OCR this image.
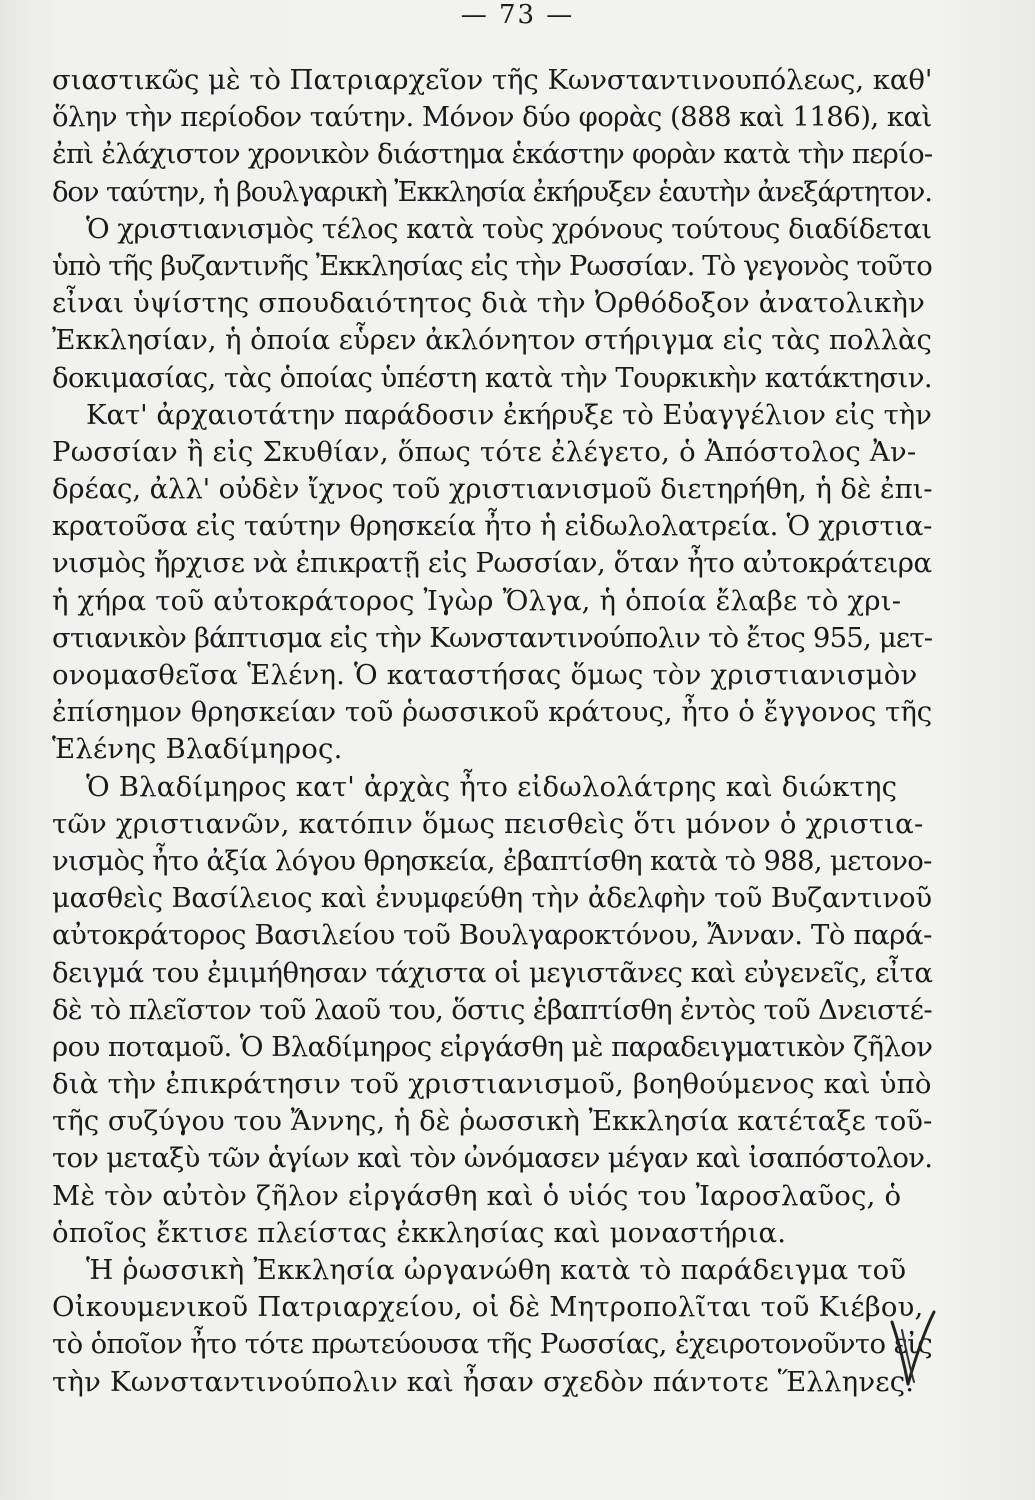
— 73 —
σιαστικῶς μὲ τὸ Πατριαρχεῖον τῆς Κωνσταντινουπόλεως, καθ'
ὅλην τὴν περίοδον ταύτην. Μόνον δύο φορὰς (888 καὶ 1186), καὶ
ἐπὶ ἐλάχιστον χρονικὸν διάστημα ἑκάστην φορὰν κατὰ τὴν περίο-
δον ταύτην, ἡ βουλγαρικὴ Ἐκκλησία ἐκήρυξεν ἑαυτὴν ἀνεξάρτητον.
Ὁ χριστιανισμὸς τέλος κατὰ τοὺς χρόνους τούτους διαδίδεται
ὑπὸ τῆς βυζαντινῆς Ἐκκλησίας εἰς τὴν Ρωσσίαν. Τὸ γεγονὸς τοῦτο
εἶναι ὑψίστης σπουδαιότητος διὰ τὴν Ὀρθόδοξον ἀνατολικὴν
Ἐκκλησίαν, ἡ ὁποία εὗρεν ἀκλόνητον στήριγμα εἰς τὰς πολλὰς
δοκιμασίας, τὰς ὁποίας ὑπέστη κατὰ τὴν Τουρκικὴν κατάκτησιν.
Κατ' ἀρχαιοτάτην παράδοσιν ἐκήρυξε τὸ Εὐαγγέλιον εἰς τὴν
Ρωσσίαν ἢ εἰς Σκυθίαν, ὅπως τότε ἐλέγετο, ὁ Ἀπόστολος Ἀν-
δρέας, ἀλλ' οὐδὲν ἴχνος τοῦ χριστιανισμοῦ διετηρήθη, ἡ δὲ ἐπι-
κρατοῦσα εἰς ταύτην θρησκεία ἦτο ἡ εἰδωλολατρεία. Ὁ χριστια-
νισμὸς ἤρχισε νὰ ἐπικρατῇ εἰς Ρωσσίαν, ὅταν ἦτο αὐτοκράτειρα
ἡ χήρα τοῦ αὐτοκράτορος Ἰγὼρ Ὄλγα, ἡ ὁποία ἔλαβε τὸ χρι-
στιανικὸν βάπτισμα εἰς τὴν Κωνσταντινούπολιν τὸ ἔτος 955, μετ-
ονομασθεῖσα Ἑλένη. Ὁ καταστήσας ὅμως τὸν χριστιανισμὸν
ἐπίσημον θρησκείαν τοῦ ῥωσσικοῦ κράτους, ἦτο ὁ ἔγγονος τῆς
Ἑλένης Βλαδίμηρος.
Ὁ Βλαδίμηρος κατ' ἀρχὰς ἦτο εἰδωλολάτρης καὶ διώκτης
τῶν χριστιανῶν, κατόπιν ὅμως πεισθεὶς ὅτι μόνον ὁ χριστια-
νισμὸς ἦτο ἀξία λόγου θρησκεία, ἐβαπτίσθη κατὰ τὸ 988, μετονο-
μασθεὶς Βασίλειος καὶ ἐνυμφεύθη τὴν ἀδελφὴν τοῦ Βυζαντινοῦ
αὐτοκράτορος Βασιλείου τοῦ Βουλγαροκτόνου, Ἄνναν. Τὸ παρά-
δειγμά του ἐμιμήθησαν τάχιστα οἱ μεγιστᾶνες καὶ εὐγενεῖς, εἶτα
δὲ τὸ πλεῖστον τοῦ λαοῦ του, ὅστις ἐβαπτίσθη ἐντὸς τοῦ Δνειστέ-
ρου ποταμοῦ. Ὁ Βλαδίμηρος εἰργάσθη μὲ παραδειγματικὸν ζῆλον
διὰ τὴν ἐπικράτησιν τοῦ χριστιανισμοῦ, βοηθούμενος καὶ ὑπὸ
τῆς συζύγου του Ἄννης, ἡ δὲ ῥωσσικὴ Ἐκκλησία κατέταξε τοῦ-
τον μεταξὺ τῶν ἁγίων καὶ τὸν ὠνόμασεν μέγαν καὶ ἰσαπόστολον.
Μὲ τὸν αὐτὸν ζῆλον εἰργάσθη καὶ ὁ υἱός του Ἰαροσλαῦος, ὁ
ὁποῖος ἔκτισε πλείστας ἐκκλησίας καὶ μοναστήρια.
Ἡ ῥωσσικὴ Ἐκκλησία ὠργανώθη κατὰ τὸ παράδειγμα τοῦ
Οἰκουμενικοῦ Πατριαρχείου, οἱ δὲ Μητροπολῖται τοῦ Κιέβου,
τὸ ὁποῖον ἦτο τότε πρωτεύουσα τῆς Ρωσσίας, ἐχειροτονοῦντο εἰς
τὴν Κωνσταντινούπολιν καὶ ἦσαν σχεδὸν πάντοτε Ἕλληνες.
